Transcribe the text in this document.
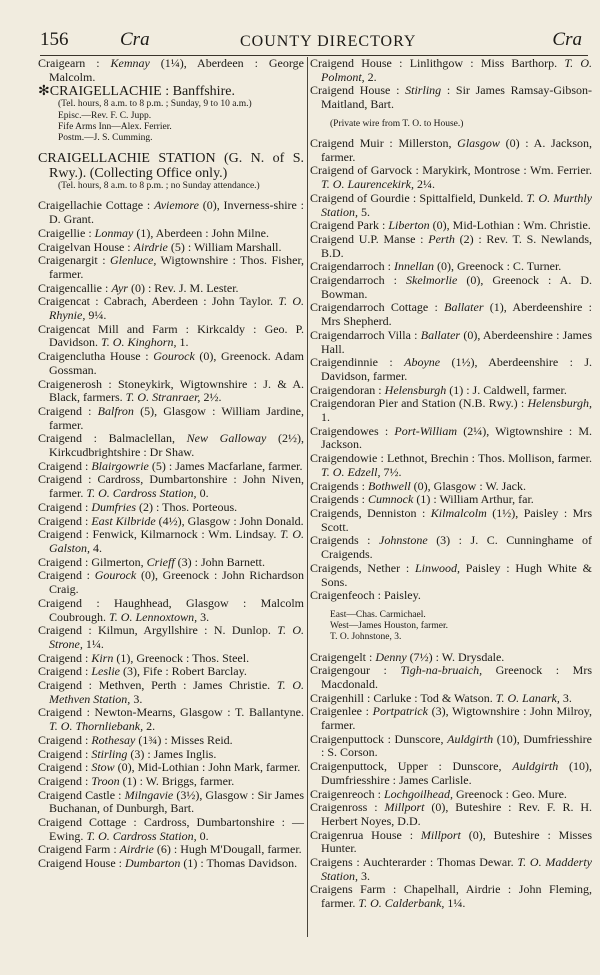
156	Cra	COUNTY DIRECTORY	Cra

Craigearn : Kemnay (1¼), Aberdeen : George Malcolm.

✻CRAIGELLACHIE : Banffshire.

(Tel. hours, 8 a.m. to 8 p.m. ; Sunday, 9 to 10 a.m.)

Episc.—Rev. F. C. Jupp.

Fife Arms Inn—Alex. Ferrier.

Postm.—J. S. Cumming.

CRAIGELLACHIE STATION (G. N. of S. Rwy.). (Collecting Office only.)

(Tel. hours, 8 a.m. to 8 p.m. ; no Sunday attendance.)

Craigellachie Cottage : Aviemore (0), Inverness-shire : D. Grant.

Craigellie : Lonmay (1), Aberdeen : John Milne.

Craigelvan House : Airdrie (5) : William Marshall.

Craigenargit : Glenluce, Wigtownshire : Thos. Fisher, farmer.

Craigencallie : Ayr (0) : Rev. J. M. Lester.

Craigencat : Cabrach, Aberdeen : John Taylor. T. O. Rhynie, 9¼.

Craigencat Mill and Farm : Kirkcaldy : Geo. P. Davidson. T. O. Kinghorn, 1.

Craigenclutha House : Gourock (0), Greenock. Adam Gossman.

Craigenerosh : Stoneykirk, Wigtownshire : J. & A. Black, farmers. T. O. Stranraer, 2½.

Craigend : Balfron (5), Glasgow : William Jardine, farmer.

Craigend : Balmaclellan, New Galloway (2½), Kirkcudbrightshire : Dr Shaw.

Craigend : Blairgowrie (5) : James Macfarlane, farmer.

Craigend : Cardross, Dumbartonshire : John Niven, farmer. T. O. Cardross Station, 0.

Craigend : Dumfries (2) : Thos. Porteous.

Craigend : East Kilbride (4½), Glasgow : John Donald.

Craigend : Fenwick, Kilmarnock : Wm. Lindsay. T. O. Galston, 4.

Craigend : Gilmerton, Crieff (3) : John Barnett.

Craigend : Gourock (0), Greenock : John Richardson Craig.

Craigend : Haughhead, Glasgow : Malcolm Coubrough. T. O. Lennoxtown, 3.

Craigend : Kilmun, Argyllshire : N. Dunlop. T. O. Strone, 1¼.

Craigend : Kirn (1), Greenock : Thos. Steel.

Craigend : Leslie (3), Fife : Robert Barclay.

Craigend : Methven, Perth : James Christie. T. O. Methven Station, 3.

Craigend : Newton-Mearns, Glasgow : T. Ballantyne. T. O. Thornliebank, 2.

Craigend : Rothesay (1¾) : Misses Reid.

Craigend : Stirling (3) : James Inglis.

Craigend : Stow (0), Mid-Lothian : John Mark, farmer.

Craigend : Troon (1) : W. Briggs, farmer.

Craigend Castle : Milngavie (3½), Glasgow : Sir James Buchanan, of Dunburgh, Bart.

Craigend Cottage : Cardross, Dumbartonshire : — Ewing. T. O. Cardross Station, 0.

Craigend Farm : Airdrie (6) : Hugh M'Dougall, farmer.

Craigend House : Dumbarton (1) : Thomas Davidson.

Craigend House : Linlithgow : Miss Barthorp. T. O. Polmont, 2.

Craigend House : Stirling : Sir James Ramsay-Gibson-Maitland, Bart.

(Private wire from T. O. to House.)

Craigend Muir : Millerston, Glasgow (0) : A. Jackson, farmer.

Craigend of Garvock : Marykirk, Montrose : Wm. Ferrier. T. O. Laurencekirk, 2¼.

Craigend of Gourdie : Spittalfield, Dunkeld. T. O. Murthly Station, 5.

Craigend Park : Liberton (0), Mid-Lothian : Wm. Christie.

Craigend U.P. Manse : Perth (2) : Rev. T. S. Newlands, B.D.

Craigendarroch : Innellan (0), Greenock : C. Turner.

Craigendarroch : Skelmorlie (0), Greenock : A. D. Bowman.

Craigendarroch Cottage : Ballater (1), Aberdeenshire : Mrs Shepherd.

Craigendarroch Villa : Ballater (0), Aberdeenshire : James Hall.

Craigendinnie : Aboyne (1½), Aberdeenshire : J. Davidson, farmer.

Craigendoran : Helensburgh (1) : J. Caldwell, farmer.

Craigendoran Pier and Station (N.B. Rwy.) : Helensburgh, 1.

Craigendowes : Port-William (2¼), Wigtownshire : M. Jackson.

Craigendowie : Lethnot, Brechin : Thos. Mollison, farmer. T. O. Edzell, 7½.

Craigends : Bothwell (0), Glasgow : W. Jack.

Craigends : Cumnock (1) : William Arthur, far.

Craigends, Denniston : Kilmalcolm (1½), Paisley : Mrs Scott.

Craigends : Johnstone (3) : J. C. Cunninghame of Craigends.

Craigends, Nether : Linwood, Paisley : Hugh White & Sons.

Craigenfeoch : Paisley.

East—Chas. Carmichael.

West—James Houston, farmer.

T. O. Johnstone, 3.

Craigengelt : Denny (7½) : W. Drysdale.

Craigengour : Tigh-na-bruaich, Greenock : Mrs Macdonald.

Craigenhill : Carluke : Tod & Watson. T. O. Lanark, 3.

Craigenlee : Portpatrick (3), Wigtownshire : John Milroy, farmer.

Craigenputtock : Dunscore, Auldgirth (10), Dumfriesshire : S. Corson.

Craigenputtock, Upper : Dunscore, Auldgirth (10), Dumfriesshire : James Carlisle.

Craigenreoch : Lochgoilhead, Greenock : Geo. Mure.

Craigenross : Millport (0), Buteshire : Rev. F. R. H. Herbert Noyes, D.D.

Craigenrua House : Millport (0), Buteshire : Misses Hunter.

Craigens : Auchterarder : Thomas Dewar. T. O. Madderty Station, 3.

Craigens Farm : Chapelhall, Airdrie : John Fleming, farmer. T. O. Calderbank, 1¼.
